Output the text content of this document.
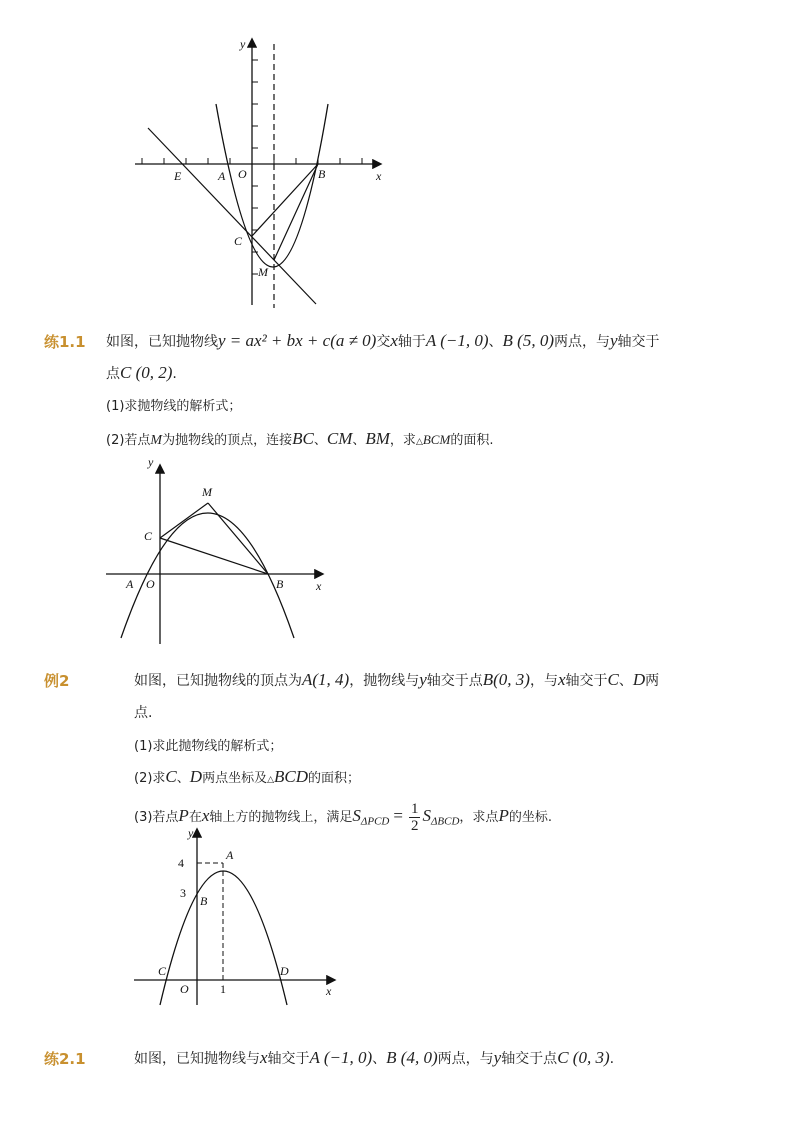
y
x
E	A O	B
C
M
练1.1 如图，已知抛物线y = ax² + bx + c(a ≠ 0)交x轴于A (−1, 0)、B (5, 0)两点，与y轴交于
点C (0, 2).
(1)求抛物线的解析式；
(2)若点M为抛物线的顶点，连接BC、CM、BM，求△BCM的面积.
y
M
C
A O	B	x
例2	如图，已知抛物线的顶点为A(1, 4)，抛物线与y轴交于点B(0, 3)，与x轴交于C、D两
点.
(1)求此抛物线的解析式；
(2)求C、D两点坐标及△BCD的面积；
(3)若点P在x轴上方的抛物线上，满足$S_{\Delta PCD} = \frac{1}{2} S_{\Delta BCD}$，求点P的坐标.
y
A
4
3
B
C	D
O	1	x
练2.1	如图，已知抛物线与x轴交于A (−1, 0)、B (4, 0)两点，与y轴交于点C (0, 3).
